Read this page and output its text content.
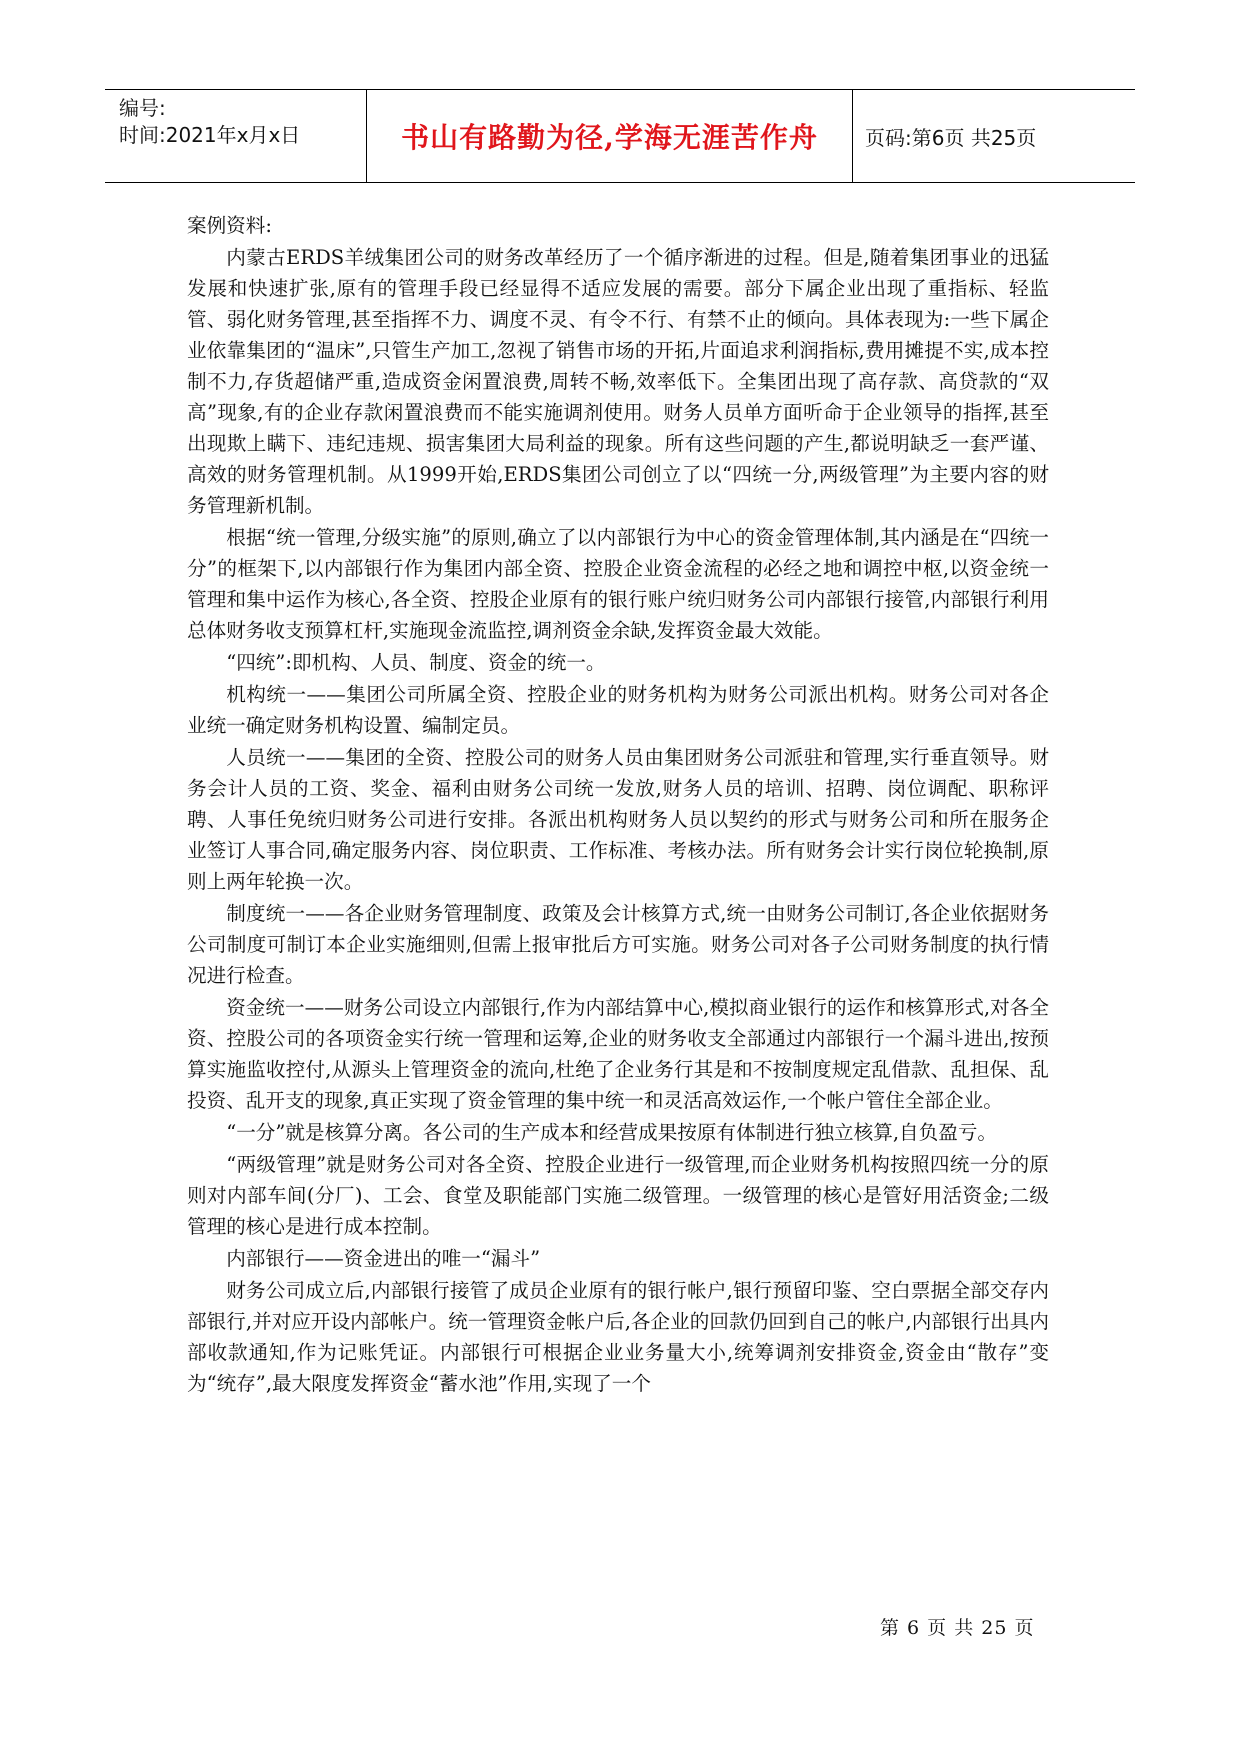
编号:
时间:2021年x月x日	书山有路勤为径,学海无涯苦作舟	页码:第6页 共25页

案例资料:

内蒙古ERDS羊绒集团公司的财务改革经历了一个循序渐进的过程。但是,随着集团事业的迅猛发展和快速扩张,原有的管理手段已经显得不适应发展的需要。部分下属企业出现了重指标、轻监管、弱化财务管理,甚至指挥不力、调度不灵、有令不行、有禁不止的倾向。具体表现为:一些下属企业依靠集团的“温床”,只管生产加工,忽视了销售市场的开拓,片面追求利润指标,费用摊提不实,成本控制不力,存货超储严重,造成资金闲置浪费,周转不畅,效率低下。全集团出现了高存款、高贷款的“双高”现象,有的企业存款闲置浪费而不能实施调剂使用。财务人员单方面听命于企业领导的指挥,甚至出现欺上瞒下、违纪违规、损害集团大局利益的现象。所有这些问题的产生,都说明缺乏一套严谨、高效的财务管理机制。从1999开始,ERDS集团公司创立了以“四统一分,两级管理”为主要内容的财务管理新机制。

根据“统一管理,分级实施”的原则,确立了以内部银行为中心的资金管理体制,其内涵是在“四统一分”的框架下,以内部银行作为集团内部全资、控股企业资金流程的必经之地和调控中枢,以资金统一管理和集中运作为核心,各全资、控股企业原有的银行账户统归财务公司内部银行接管,内部银行利用总体财务收支预算杠杆,实施现金流监控,调剂资金余缺,发挥资金最大效能。

“四统”:即机构、人员、制度、资金的统一。

机构统一——集团公司所属全资、控股企业的财务机构为财务公司派出机构。财务公司对各企业统一确定财务机构设置、编制定员。

人员统一——集团的全资、控股公司的财务人员由集团财务公司派驻和管理,实行垂直领导。财务会计人员的工资、奖金、福利由财务公司统一发放,财务人员的培训、招聘、岗位调配、职称评聘、人事任免统归财务公司进行安排。各派出机构财务人员以契约的形式与财务公司和所在服务企业签订人事合同,确定服务内容、岗位职责、工作标准、考核办法。所有财务会计实行岗位轮换制,原则上两年轮换一次。

制度统一——各企业财务管理制度、政策及会计核算方式,统一由财务公司制订,各企业依据财务公司制度可制订本企业实施细则,但需上报审批后方可实施。财务公司对各子公司财务制度的执行情况进行检查。

资金统一——财务公司设立内部银行,作为内部结算中心,模拟商业银行的运作和核算形式,对各全资、控股公司的各项资金实行统一管理和运筹,企业的财务收支全部通过内部银行一个漏斗进出,按预算实施监收控付,从源头上管理资金的流向,杜绝了企业务行其是和不按制度规定乱借款、乱担保、乱投资、乱开支的现象,真正实现了资金管理的集中统一和灵活高效运作,一个帐户管住全部企业。

“一分”就是核算分离。各公司的生产成本和经营成果按原有体制进行独立核算,自负盈亏。

“两级管理”就是财务公司对各全资、控股企业进行一级管理,而企业财务机构按照四统一分的原则对内部车间(分厂)、工会、食堂及职能部门实施二级管理。一级管理的核心是管好用活资金;二级管理的核心是进行成本控制。

内部银行——资金进出的唯一“漏斗”

财务公司成立后,内部银行接管了成员企业原有的银行帐户,银行预留印鉴、空白票据全部交存内部银行,并对应开设内部帐户。统一管理资金帐户后,各企业的回款仍回到自己的帐户,内部银行出具内部收款通知,作为记账凭证。内部银行可根据企业业务量大小,统筹调剂安排资金,资金由“散存”变为“统存”,最大限度发挥资金“蓄水池”作用,实现了一个

第 6 页 共 25 页
